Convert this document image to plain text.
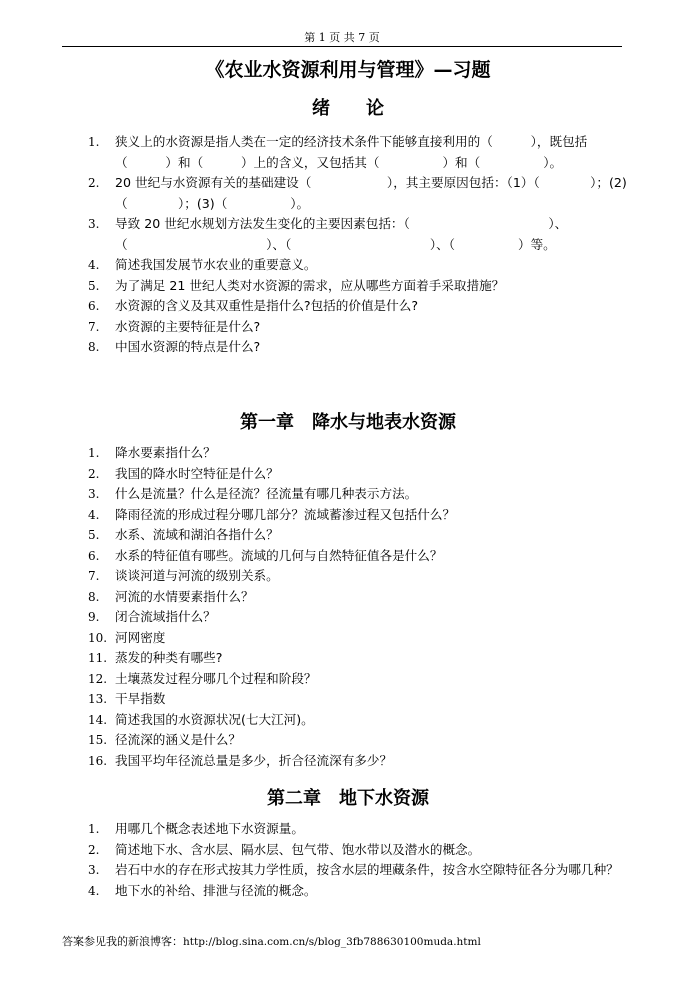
第 1 页 共 7 页
《农业水资源利用与管理》—习题
绪　　论
1.	狭义上的水资源是指人类在一定的经济技术条件下能够直接利用的（　　　），既包括（　　　）和（　　　）上的含义，又包括其（　　　　　）和（　　　　　）。
2.	20 世纪与水资源有关的基础建设（　　　　　　），其主要原因包括：（1）（　　　　）；(2)（　　　　）；(3)（　　　　　）。
3.	导致 20 世纪水规划方法发生变化的主要因素包括：（　　　　　　　　　　　）、（　　　　　　　　　　　）、（　　　　　　　　　　　）、（　　　　　）等。
4.	简述我国发展节水农业的重要意义。
5.	为了满足 21 世纪人类对水资源的需求，应从哪些方面着手采取措施？
6.	水资源的含义及其双重性是指什么?包括的价值是什么?
7.	水资源的主要特征是什么?
8.	中国水资源的特点是什么?
第一章　降水与地表水资源
1.	降水要素指什么？
2.	我国的降水时空特征是什么？
3.	什么是流量？什么是径流？径流量有哪几种表示方法。
4.	降雨径流的形成过程分哪几部分？流域蓄渗过程又包括什么？
5.	水系、流域和湖泊各指什么？
6.	水系的特征值有哪些。流域的几何与自然特征值各是什么？
7.	谈谈河道与河流的级别关系。
8.	河流的水情要素指什么？
9.	闭合流域指什么？
10. 河网密度
11. 蒸发的种类有哪些?
12. 土壤蒸发过程分哪几个过程和阶段？
13. 干旱指数
14. 简述我国的水资源状况(七大江河)。
15. 径流深的涵义是什么？
16. 我国平均年径流总量是多少，折合径流深有多少？
第二章　地下水资源
1.	用哪几个概念表述地下水资源量。
2.	简述地下水、含水层、隔水层、包气带、饱水带以及潜水的概念。
3.	岩石中水的存在形式按其力学性质，按含水层的埋藏条件，按含水空隙特征各分为哪几种？
4.	地下水的补给、排泄与径流的概念。
答案参见我的新浪博客：http://blog.sina.com.cn/s/blog_3fb788630100muda.html
